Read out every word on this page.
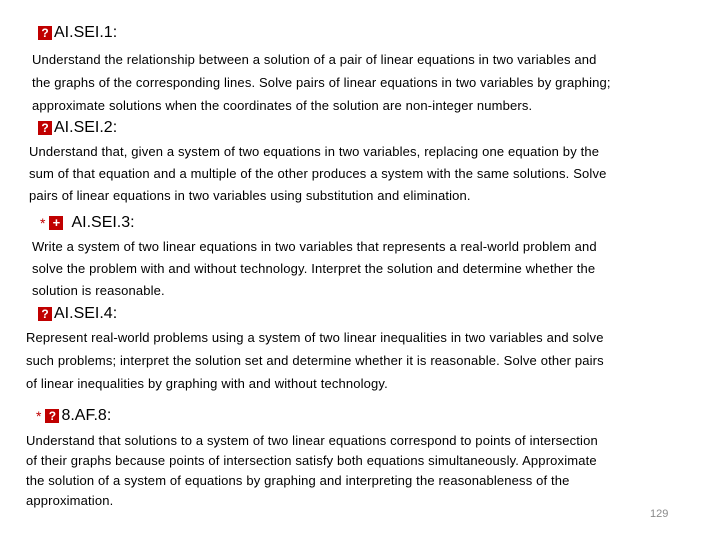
? AI.SEI.1:
Understand the relationship between a solution of a pair of linear equations in two variables and
the graphs of the corresponding lines. Solve pairs of linear equations in two variables by graphing;
approximate solutions when the coordinates of the solution are non-integer numbers.
? AI.SEI.2:
Understand that, given a system of two equations in two variables, replacing one equation by the
sum of that equation and a multiple of the other produces a system with the same solutions. Solve
pairs of linear equations in two variables using substitution and elimination.
* + AI.SEI.3:
Write a system of two linear equations in two variables that represents a real-world problem and
solve the problem with and without technology. Interpret the solution and determine whether the
solution is reasonable.
? AI.SEI.4:
Represent real-world problems using a system of two linear inequalities in two variables and solve
such problems; interpret the solution set and determine whether it is reasonable. Solve other pairs
of linear inequalities by graphing with and without technology.
* ? 8.AF.8:
Understand that solutions to a system of two linear equations correspond to points of intersection
of their graphs because points of intersection satisfy both equations simultaneously. Approximate
the solution of a system of equations by graphing and interpreting the reasonableness of the
approximation.
129
